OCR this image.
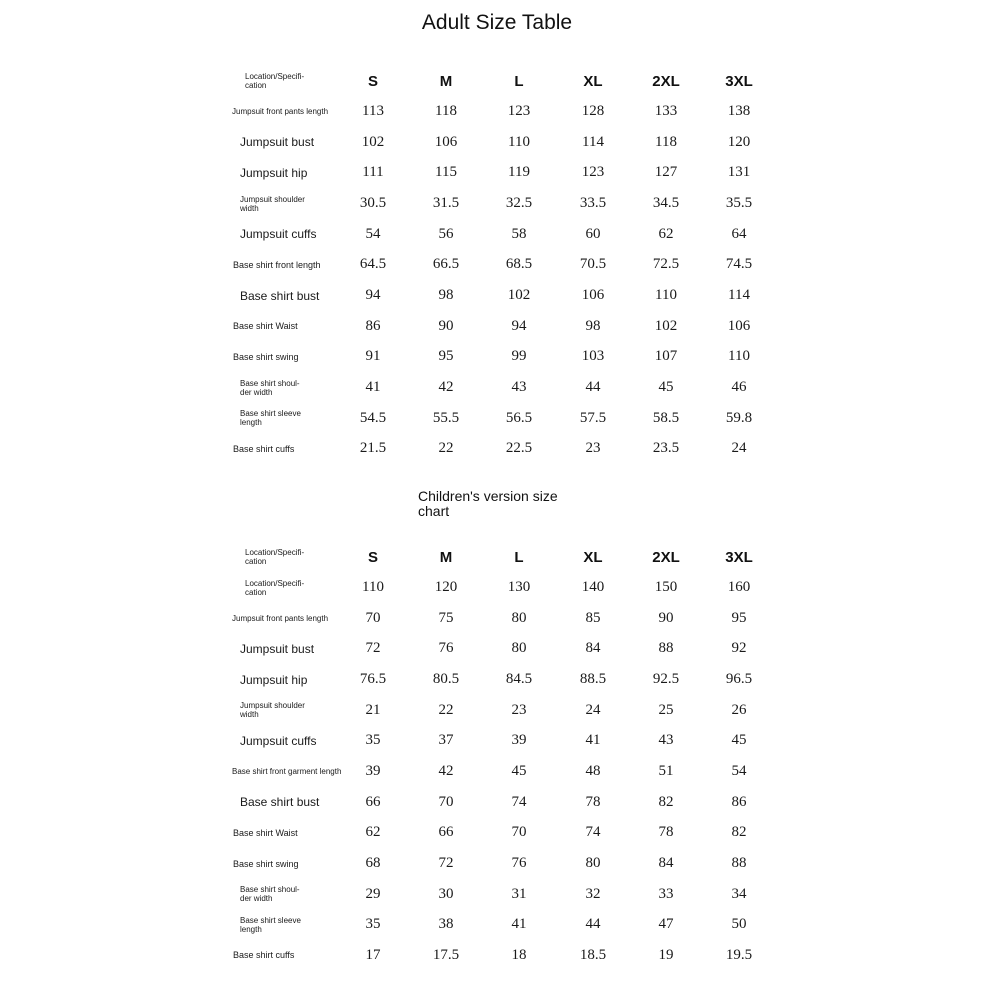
Adult Size Table
Location/Specifi-
cation	S	M	L	XL	2XL	3XL
Jumpsuit front pants length	113	118	123	128	133	138
Jumpsuit bust	102	106	110	114	118	120
Jumpsuit hip	111	115	119	123	127	131
Jumpsuit shoulder width	30.5	31.5	32.5	33.5	34.5	35.5
Jumpsuit cuffs	54	56	58	60	62	64
Base shirt front length	64.5	66.5	68.5	70.5	72.5	74.5
Base shirt bust	94	98	102	106	110	114
Base shirt Waist	86	90	94	98	102	106
Base shirt swing	91	95	99	103	107	110
Base shirt shoul-
der width	41	42	43	44	45	46
Base shirt sleeve length	54.5	55.5	56.5	57.5	58.5	59.8
Base shirt cuffs	21.5	22	22.5	23	23.5	24
Children's version size chart
Location/Specifi-
cation	S	M	L	XL	2XL	3XL
Location/Specifi-
cation	110	120	130	140	150	160
Jumpsuit front pants length	70	75	80	85	90	95
Jumpsuit bust	72	76	80	84	88	92
Jumpsuit hip	76.5	80.5	84.5	88.5	92.5	96.5
Jumpsuit shoulder width	21	22	23	24	25	26
Jumpsuit cuffs	35	37	39	41	43	45
Base shirt front garment length	39	42	45	48	51	54
Base shirt bust	66	70	74	78	82	86
Base shirt Waist	62	66	70	74	78	82
Base shirt swing	68	72	76	80	84	88
Base shirt shoul-
der width	29	30	31	32	33	34
Base shirt sleeve length	35	38	41	44	47	50
Base shirt cuffs	17	17.5	18	18.5	19	19.5
